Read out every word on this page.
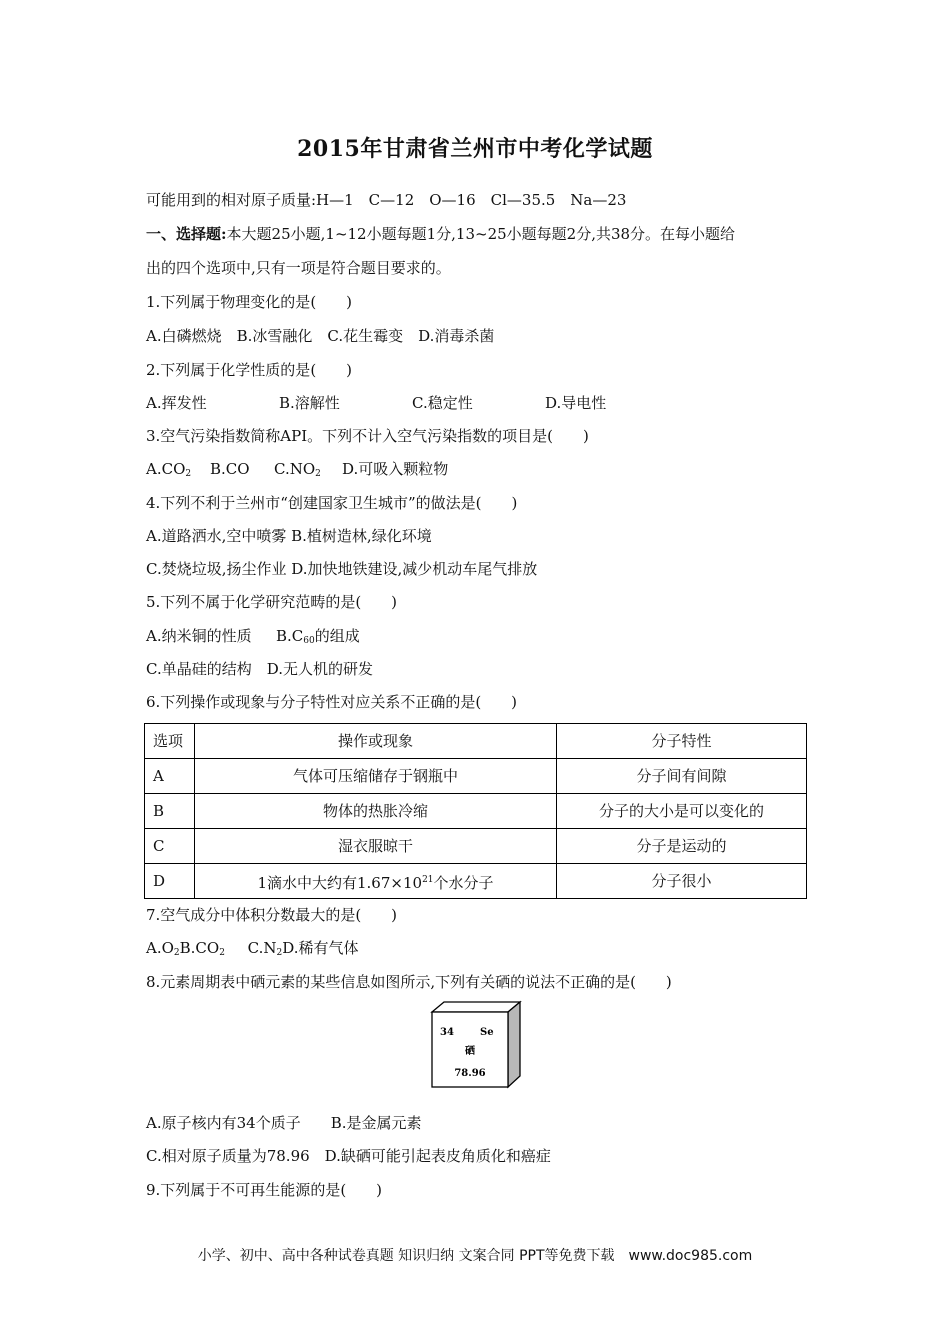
2015年甘肃省兰州市中考化学试题
可能用到的相对原子质量:H—1　C—12　O—16　Cl—35.5　Na—23
一、选择题:本大题25小题,1~12小题每题1分,13~25小题每题2分,共38分。在每小题给
出的四个选项中,只有一项是符合题目要求的。
1.下列属于物理变化的是(　　)
A.白磷燃烧　B.冰雪融化　C.花生霉变　D.消毒杀菌
2.下列属于化学性质的是(　　)
A.挥发性	B.溶解性	C.稳定性	D.导电性
3.空气污染指数简称API。下列不计入空气污染指数的项目是(　　)
$A.CO_2$ B.CO $C.NO_2$ D.可吸入颗粒物
4.下列不利于兰州市“创建国家卫生城市”的做法是(　　)
A.道路洒水,空中喷雾 B.植树造林,绿化环境
C.焚烧垃圾,扬尘作业 D.加快地铁建设,减少机动车尾气排放
5.下列不属于化学研究范畴的是(　　)
A.纳米铜的性质 $B.C_{60}$的组成
C.单晶硅的结构　D.无人机的研发
6.下列操作或现象与分子特性对应关系不正确的是(　　)
选项	操作或现象	分子特性
A	气体可压缩储存于钢瓶中	分子间有间隙
B	物体的热胀冷缩	分子的大小是可以变化的
C	湿衣服晾干	分子是运动的
D	1滴水中大约有$1.67\times 10^{21}$个水分子	分子很小
7.空气成分中体积分数最大的是(　　)
$A.O_2B.CO_2$ $C.N_2D$.稀有气体
8.元素周期表中硒元素的某些信息如图所示,下列有关硒的说法不正确的是(　　)
34	Se
硒
78.96
A.原子核内有34个质子　　B.是金属元素
C.相对原子质量为78.96　D.缺硒可能引起表皮角质化和癌症
9.下列属于不可再生能源的是(　　)
小学、初中、高中各种试卷真题 知识归纳 文案合同 PPT等免费下载　www.doc985.com
